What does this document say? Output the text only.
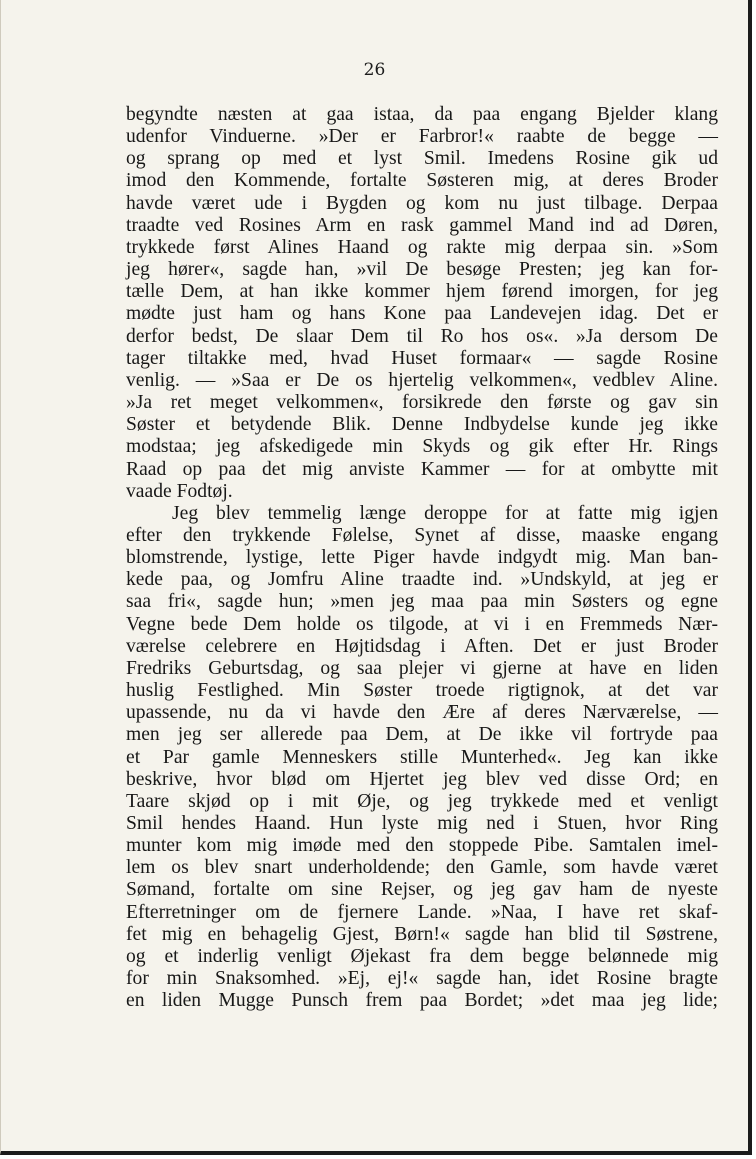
26
begyndte næsten at gaa istaa, da paa engang Bjelder klang
udenfor Vinduerne. »Der er Farbror!« raabte de begge —
og sprang op med et lyst Smil. Imedens Rosine gik ud
imod den Kommende, fortalte Søsteren mig, at deres Broder
havde været ude i Bygden og kom nu just tilbage. Derpaa
traadte ved Rosines Arm en rask gammel Mand ind ad Døren,
trykkede først Alines Haand og rakte mig derpaa sin. »Som
jeg hører«, sagde han, »vil De besøge Presten; jeg kan for-
tælle Dem, at han ikke kommer hjem førend imorgen, for jeg
mødte just ham og hans Kone paa Landevejen idag. Det er
derfor bedst, De slaar Dem til Ro hos os«. »Ja dersom De
tager tiltakke med, hvad Huset formaar« — sagde Rosine
venlig. — »Saa er De os hjertelig velkommen«, vedblev Aline.
»Ja ret meget velkommen«, forsikrede den første og gav sin
Søster et betydende Blik. Denne Indbydelse kunde jeg ikke
modstaa; jeg afskedigede min Skyds og gik efter Hr. Rings
Raad op paa det mig anviste Kammer — for at ombytte mit
vaade Fodtøj.
Jeg blev temmelig længe deroppe for at fatte mig igjen
efter den trykkende Følelse, Synet af disse, maaske engang
blomstrende, lystige, lette Piger havde indgydt mig. Man ban-
kede paa, og Jomfru Aline traadte ind. »Undskyld, at jeg er
saa fri«, sagde hun; »men jeg maa paa min Søsters og egne
Vegne bede Dem holde os tilgode, at vi i en Fremmeds Nær-
værelse celebrere en Højtidsdag i Aften. Det er just Broder
Fredriks Geburtsdag, og saa plejer vi gjerne at have en liden
huslig Festlighed. Min Søster troede rigtignok, at det var
upassende, nu da vi havde den Ære af deres Nærværelse, —
men jeg ser allerede paa Dem, at De ikke vil fortryde paa
et Par gamle Menneskers stille Munterhed«. Jeg kan ikke
beskrive, hvor blød om Hjertet jeg blev ved disse Ord; en
Taare skjød op i mit Øje, og jeg trykkede med et venligt
Smil hendes Haand. Hun lyste mig ned i Stuen, hvor Ring
munter kom mig imøde med den stoppede Pibe. Samtalen imel-
lem os blev snart underholdende; den Gamle, som havde været
Sømand, fortalte om sine Rejser, og jeg gav ham de nyeste
Efterretninger om de fjernere Lande. »Naa, I have ret skaf-
fet mig en behagelig Gjest, Børn!« sagde han blid til Søstrene,
og et inderlig venligt Øjekast fra dem begge belønnede mig
for min Snaksomhed. »Ej, ej!« sagde han, idet Rosine bragte
en liden Mugge Punsch frem paa Bordet; »det maa jeg lide;
